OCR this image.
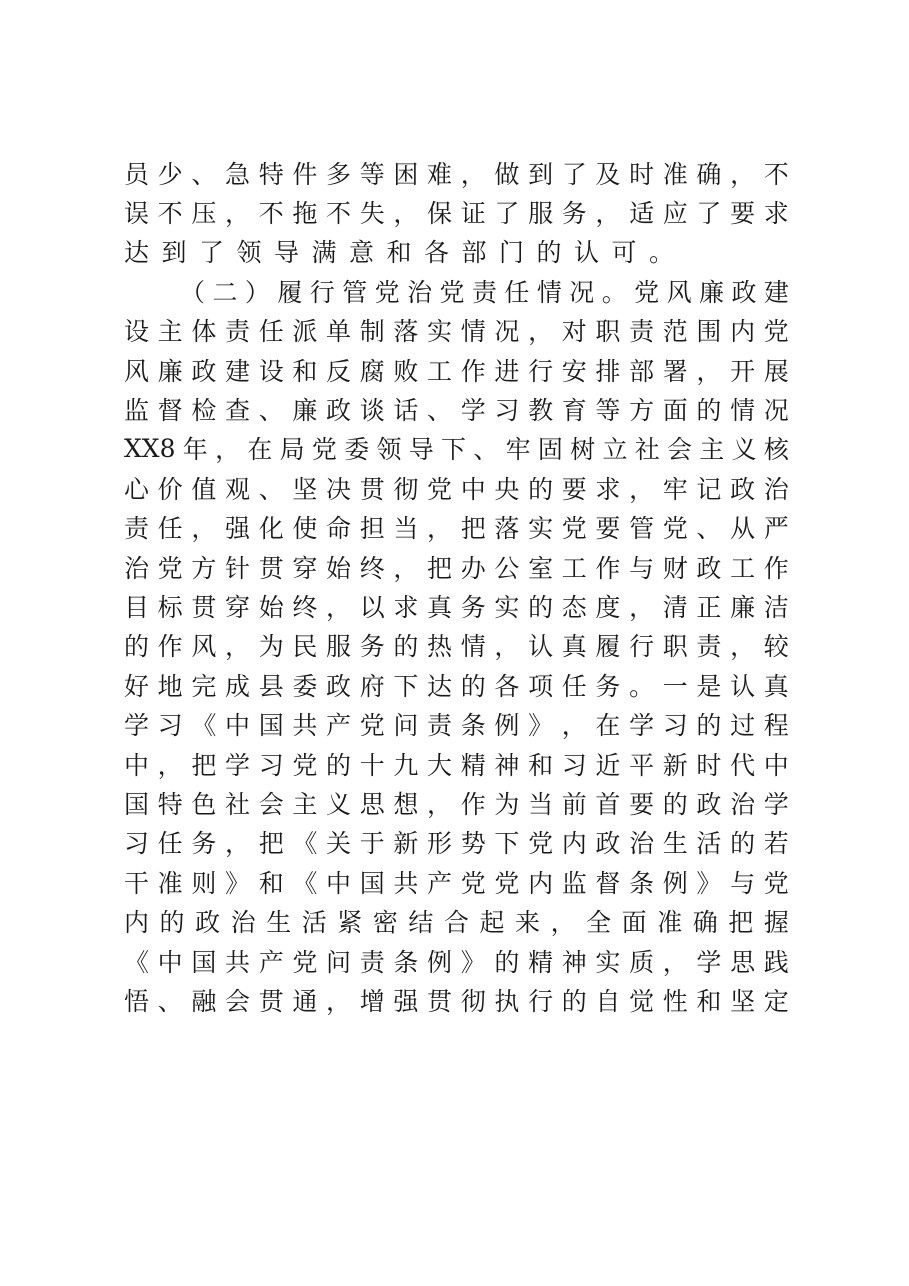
员 少 、 急 特 件 多 等 困 难 ， 做 到 了 及 时 准 确 ， 不
误 不 压 ， 不 拖 不 失 ， 保 证 了 服 务 ， 适 应 了 要 求
达到了领导满意和各部门的认可。
（ 二 ） 履 行 管 党 治 党 责 任 情 况 。 党 风 廉 政 建
设 主 体 责 任 派 单 制 落 实 情 况 ， 对 职 责 范 围 内 党
风 廉 政 建 设 和 反 腐 败 工 作 进 行 安 排 部 署 ， 开 展
监 督 检 查 、 廉 政 谈 话 、 学 习 教 育 等 方 面 的 情 况
XX8 年 ， 在 局 党 委 领 导 下 、 牢 固 树 立 社 会 主 义 核
心 价 值 观 、 坚 决 贯 彻 党 中 央 的 要 求 ， 牢 记 政 治
责 任 ， 强 化 使 命 担 当 ， 把 落 实 党 要 管 党 、 从 严
治 党 方 针 贯 穿 始 终 ， 把 办 公 室 工 作 与 财 政 工 作
目 标 贯 穿 始 终 ， 以 求 真 务 实 的 态 度 ， 清 正 廉 洁
的 作 风 ， 为 民 服 务 的 热 情 ， 认 真 履 行 职 责 ， 较
好 地 完 成 县 委 政 府 下 达 的 各 项 任 务 。 一 是 认 真
学 习 《 中 国 共 产 党 问 责 条 例 》 ， 在 学 习 的 过 程
中 ， 把 学 习 党 的 十 九 大 精 神 和 习 近 平 新 时 代 中
国 特 色 社 会 主 义 思 想 ， 作 为 当 前 首 要 的 政 治 学
习 任 务 ， 把 《 关 于 新 形 势 下 党 内 政 治 生 活 的 若
干 准 则 》 和 《 中 国 共 产 党 党 内 监 督 条 例 》 与 党
内 的 政 治 生 活 紧 密 结 合 起 来 ， 全 面 准 确 把 握
《 中 国 共 产 党 问 责 条 例 》 的 精 神 实 质 ， 学 思 践
悟 、 融 会 贯 通 ， 增 强 贯 彻 执 行 的 自 觉 性 和 坚 定
